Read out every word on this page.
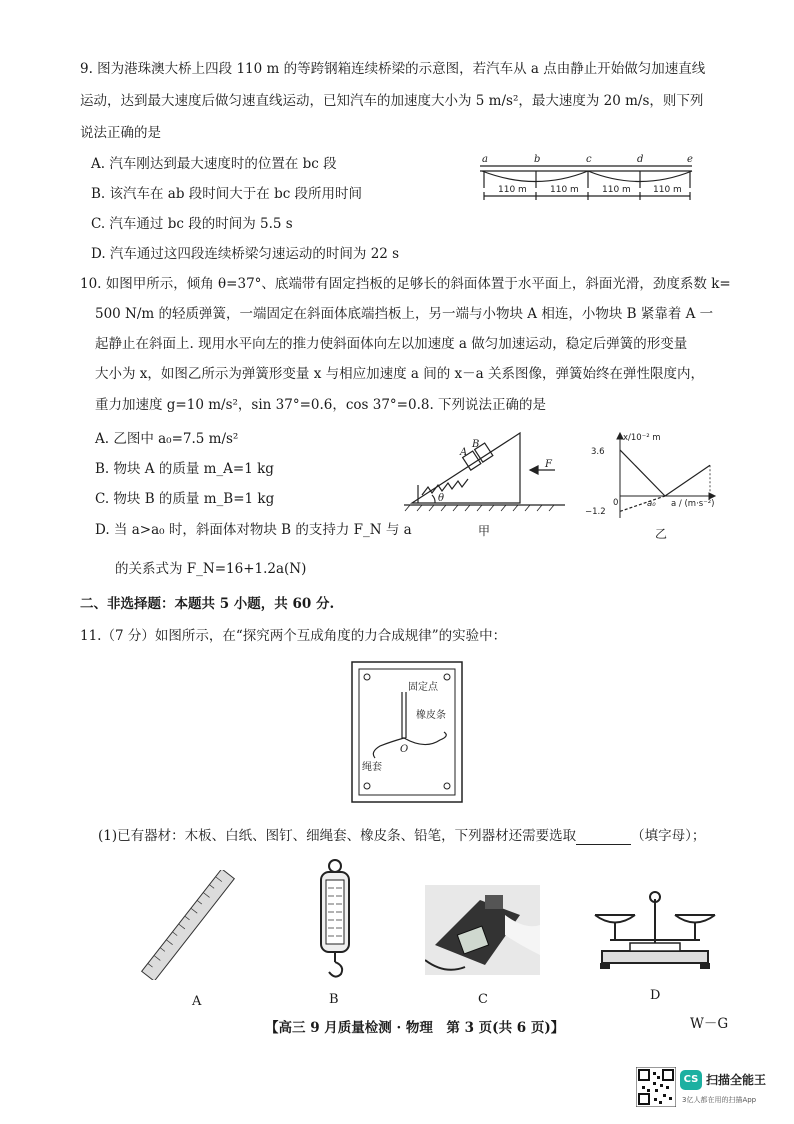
9. 图为港珠澳大桥上四段 110 m 的等跨钢箱连续桥梁的示意图，若汽车从 a 点由静止开始做匀加速直线
运动，达到最大速度后做匀速直线运动，已知汽车的加速度大小为 5 m/s²，最大速度为 20 m/s，则下列
说法正确的是
A. 汽车刚达到最大速度时的位置在 bc 段
B. 该汽车在 ab 段时间大于在 bc 段所用时间
C. 汽车通过 bc 段的时间为 5.5 s
D. 汽车通过这四段连续桥梁匀速运动的时间为 22 s
a	b	c	d	e
110 m	110 m	110 m 110 m
10. 如图甲所示，倾角 θ=37°、底端带有固定挡板的足够长的斜面体置于水平面上，斜面光滑，劲度系数 k=
500 N/m 的轻质弹簧，一端固定在斜面体底端挡板上，另一端与小物块 A 相连，小物块 B 紧靠着 A 一
起静止在斜面上. 现用水平向左的推力使斜面体向左以加速度 a 做匀加速运动，稳定后弹簧的形变量
大小为 x，如图乙所示为弹簧形变量 x 与相应加速度 a 间的 x－a 关系图像，弹簧始终在弹性限度内，
重力加速度 g=10 m/s²，sin 37°=0.6，cos 37°=0.8. 下列说法正确的是
A. 乙图中 a₀=7.5 m/s²
B. 物块 A 的质量 m_A=1 kg
C. 物块 B 的质量 m_B=1 kg
D. 当 a>a₀ 时，斜面体对物块 B 的支持力 F_N 与 a
的关系式为 F_N=16+1.2a(N)
A
B
θ
F
甲
x/10⁻² m
3.6
−1.2
0	a₀ a / (m·s⁻²)
乙
二、非选择题：本题共 5 小题，共 60 分.
11.（7 分）如图所示，在“探究两个互成角度的力合成规律”的实验中：
固定点
橡皮条
绳套
O
(1)已有器材：木板、白纸、图钉、细绳套、橡皮条、铅笔，下列器材还需要选取	（填字母）；
A	B	C	D
【高三 9 月质量检测 · 物理　第 3 页(共 6 页)】	W－G
CS 扫描全能王
3亿人都在用的扫描App
